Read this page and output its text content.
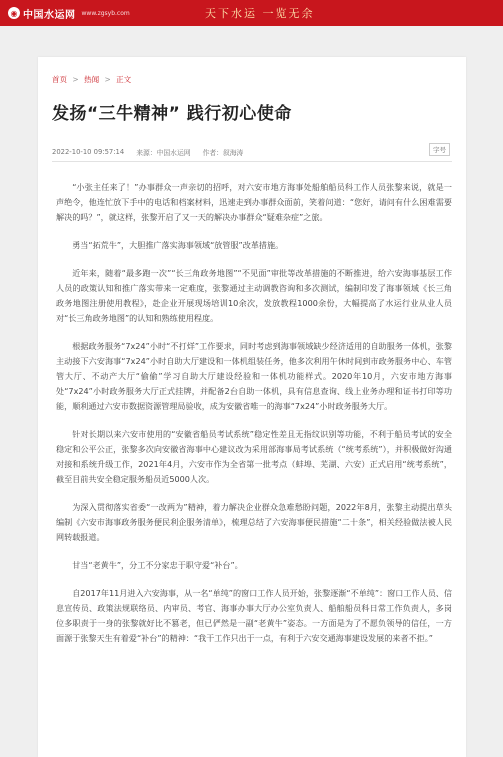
◉ 中国水运网 www.zgsyb.com	天下水运 一览无余
首页 > 热闻 > 正文
发扬“三牛精神” 践行初心使命
2022-10-10 09:57:14 来源：中国水运网 作者：叙海涛	字号

“小张主任来了！”办事群众一声亲切的招呼，对六安市地方海事处船舶船员科工作人员张黎来说，就是一声绝令，他连忙放下手中的电话和档案材料，迅速走到办事群众面前，笑着问道：“您好，请问有什么困难需要解决的吗？”，就这样，张黎开启了又一天的解决办事群众“疑难杂症”之旅。

勇当“拓荒牛”，大胆推广落实海事领域“放管服”改革措施。

近年来，随着“最多跑一次”“长三角政务地图”“不见面”审批等改革措施的不断推进，给六安海事基层工作人员的政策认知和推广落实带来一定难度，张黎通过主动调教咨询和多次测试，编制印发了海事领域《长三角政务地图注册使用教程》，赴企业开展现场培训10余次，发放教程1000余份，大幅提高了水运行业从业人员对“长三角政务地图”的认知和熟练使用程度。

根据政务服务“7x24”小时“不打烊”工作要求，同时考虑到海事领域缺少经济适用的自助服务一体机，张黎主动接下六安海事“7x24”小时自助大厅建设和一体机组装任务，他多次利用午休时间到市政务服务中心、车管管大厅、不动产大厅“偷偷”学习自助大厅建设经验和一体机功能样式。2020年10月，六安市地方海事处“7x24”小时政务服务大厅正式挂牌，并配备2台自助一体机，具有信息查询、线上业务办理和证书打印等功能，顺利通过六安市数据资源管理局验收，成为安徽省唯一的海事“7x24”小时政务服务大厅。

针对长期以来六安市使用的“安徽省船员考试系统”稳定性差且无指纹识别等功能，不利于船员考试的安全稳定和公平公正，张黎多次向安徽省海事中心建议改为采用部海事局考试系统（“统考系统”），并积极做好沟通对接和系统升级工作，2021年4月，六安市作为全省第一批考点（蚌埠、芜湖、六安）正式启用“统考系统”，截至目前共安全稳定服务船员近5000人次。

为深入贯彻落实省委“一改两为”精神，着力解决企业群众急难愁盼问题，2022年8月，张黎主动提出草头编制《六安市海事政务服务便民利企服务清单》，梳理总结了六安海事便民措施“二十条”，相关经验做法被人民网转载报道。

甘当“老黄牛”，分工不分家忠于职守爱“补台”。

自2017年11月进入六安海事，从一名“单纯”的窗口工作人员开始，张黎逐渐“不单纯”：窗口工作人员、信息宣传员、政策法规联络员、内审员、考官、海事办事大厅办公室负责人、船舶船员科日常工作负责人，多岗位多职责于一身的张黎就好比不篡老，但已俨然是一副“老黄牛”姿态。一方面是为了不愿负领导的信任，一方面源于张黎天生有着爱“补台”的精神：“我干工作只出于一点，有利于六安交通海事建设发展的来者不拒。”
